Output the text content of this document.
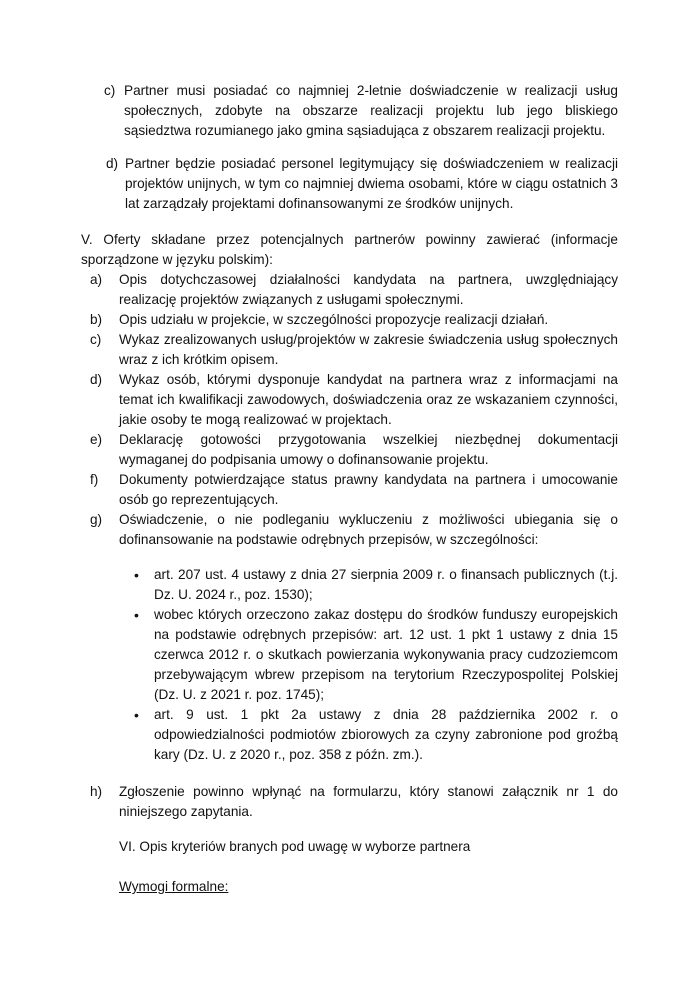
c) Partner musi posiadać co najmniej 2-letnie doświadczenie w realizacji usług społecznych, zdobyte na obszarze realizacji projektu lub jego bliskiego sąsiedztwa rozumianego jako gmina sąsiadująca z obszarem realizacji projektu.
d) Partner będzie posiadać personel legitymujący się doświadczeniem w realizacji projektów unijnych, w tym co najmniej dwiema osobami, które w ciągu ostatnich 3 lat zarządzały projektami dofinansowanymi ze środków unijnych.
V. Oferty składane przez potencjalnych partnerów powinny zawierać (informacje sporządzone w języku polskim):
a)	Opis dotychczasowej działalności kandydata na partnera, uwzględniający realizację projektów związanych z usługami społecznymi.
b)	Opis udziału w projekcie, w szczególności propozycje realizacji działań.
c)	Wykaz zrealizowanych usług/projektów w zakresie świadczenia usług społecznych wraz z ich krótkim opisem.
d)	Wykaz osób, którymi dysponuje kandydat na partnera wraz z informacjami na temat ich kwalifikacji zawodowych, doświadczenia oraz ze wskazaniem czynności, jakie osoby te mogą realizować w projektach.
e)	Deklarację gotowości przygotowania wszelkiej niezbędnej dokumentacji wymaganej do podpisania umowy o dofinansowanie projektu.
f)	Dokumenty potwierdzające status prawny kandydata na partnera i umocowanie osób go reprezentujących.
g)	Oświadczenie, o nie podleganiu wykluczeniu z możliwości ubiegania się o dofinansowanie na podstawie odrębnych przepisów, w szczególności:
•	art. 207 ust. 4 ustawy z dnia 27 sierpnia 2009 r. o finansach publicznych (t.j. Dz. U. 2024 r., poz. 1530);
•	wobec których orzeczono zakaz dostępu do środków funduszy europejskich na podstawie odrębnych przepisów: art. 12 ust. 1 pkt 1 ustawy z dnia 15 czerwca 2012 r. o skutkach powierzania wykonywania pracy cudzoziemcom przebywającym wbrew przepisom na terytorium Rzeczypospolitej Polskiej (Dz. U. z 2021 r. poz. 1745);
•	art. 9 ust. 1 pkt 2a ustawy z dnia 28 października 2002 r. o odpowiedzialności podmiotów zbiorowych za czyny zabronione pod groźbą kary (Dz. U. z 2020 r., poz. 358 z późn. zm.).
h)	Zgłoszenie powinno wpłynąć na formularzu, który stanowi załącznik nr 1 do niniejszego zapytania.
VI. Opis kryteriów branych pod uwagę w wyborze partnera
Wymogi formalne:
